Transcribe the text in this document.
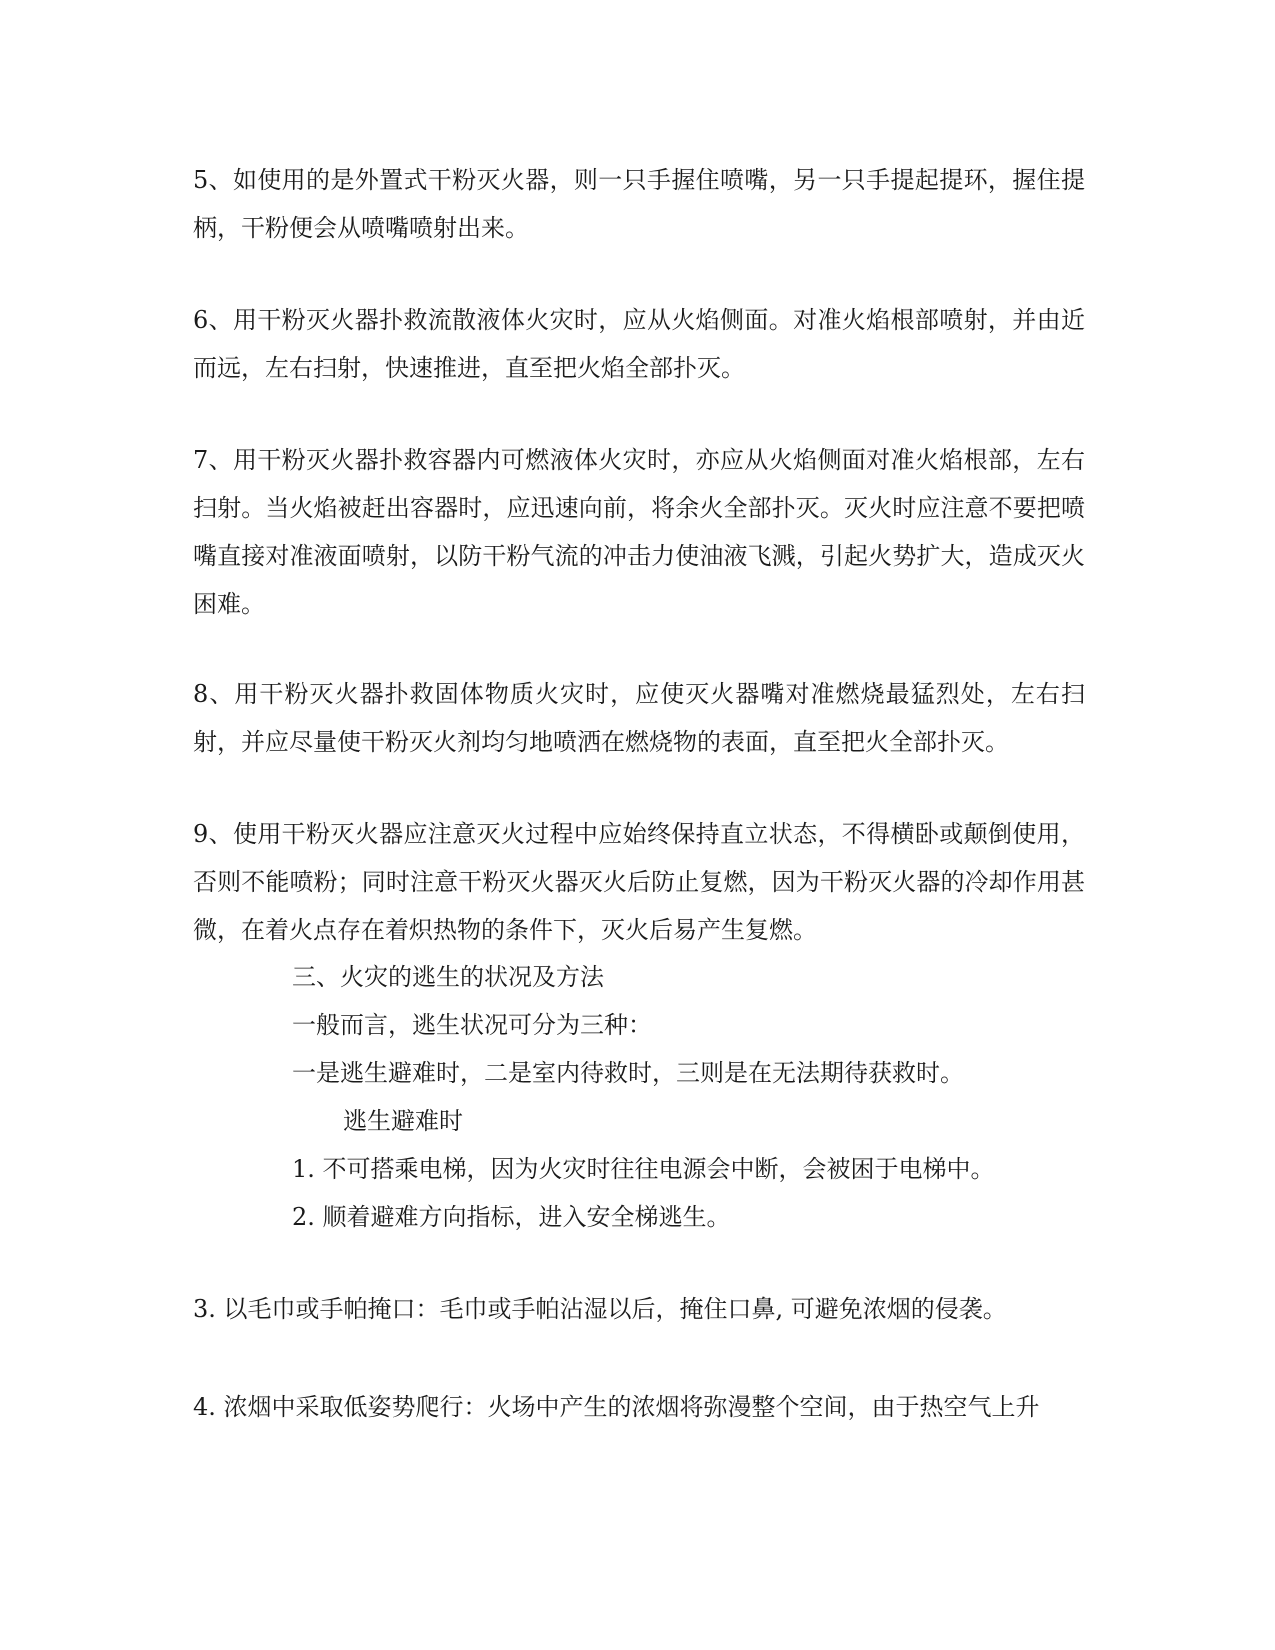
5、如使用的是外置式干粉灭火器，则一只手握住喷嘴，另一只手提起提环，握住提柄，干粉便会从喷嘴喷射出来。

6、用干粉灭火器扑救流散液体火灾时，应从火焰侧面。对准火焰根部喷射，并由近而远，左右扫射，快速推进，直至把火焰全部扑灭。

7、用干粉灭火器扑救容器内可燃液体火灾时，亦应从火焰侧面对准火焰根部，左右扫射。当火焰被赶出容器时，应迅速向前，将余火全部扑灭。灭火时应注意不要把喷嘴直接对准液面喷射，以防干粉气流的冲击力使油液飞溅，引起火势扩大，造成灭火困难。

8、用干粉灭火器扑救固体物质火灾时，应使灭火器嘴对准燃烧最猛烈处，左右扫射，并应尽量使干粉灭火剂均匀地喷洒在燃烧物的表面，直至把火全部扑灭。

9、使用干粉灭火器应注意灭火过程中应始终保持直立状态，不得横卧或颠倒使用，否则不能喷粉；同时注意干粉灭火器灭火后防止复燃，因为干粉灭火器的冷却作用甚微，在着火点存在着炽热物的条件下，灭火后易产生复燃。

三、火灾的逃生的状况及方法

一般而言，逃生状况可分为三种：

一是逃生避难时，二是室内待救时，三则是在无法期待获救时。

逃生避难时

1. 不可搭乘电梯，因为火灾时往往电源会中断，会被困于电梯中。

2. 顺着避难方向指标，进入安全梯逃生。

3. 以毛巾或手帕掩口：毛巾或手帕沾湿以后，掩住口鼻, 可避免浓烟的侵袭。

4. 浓烟中采取低姿势爬行：火场中产生的浓烟将弥漫整个空间，由于热空气上升
